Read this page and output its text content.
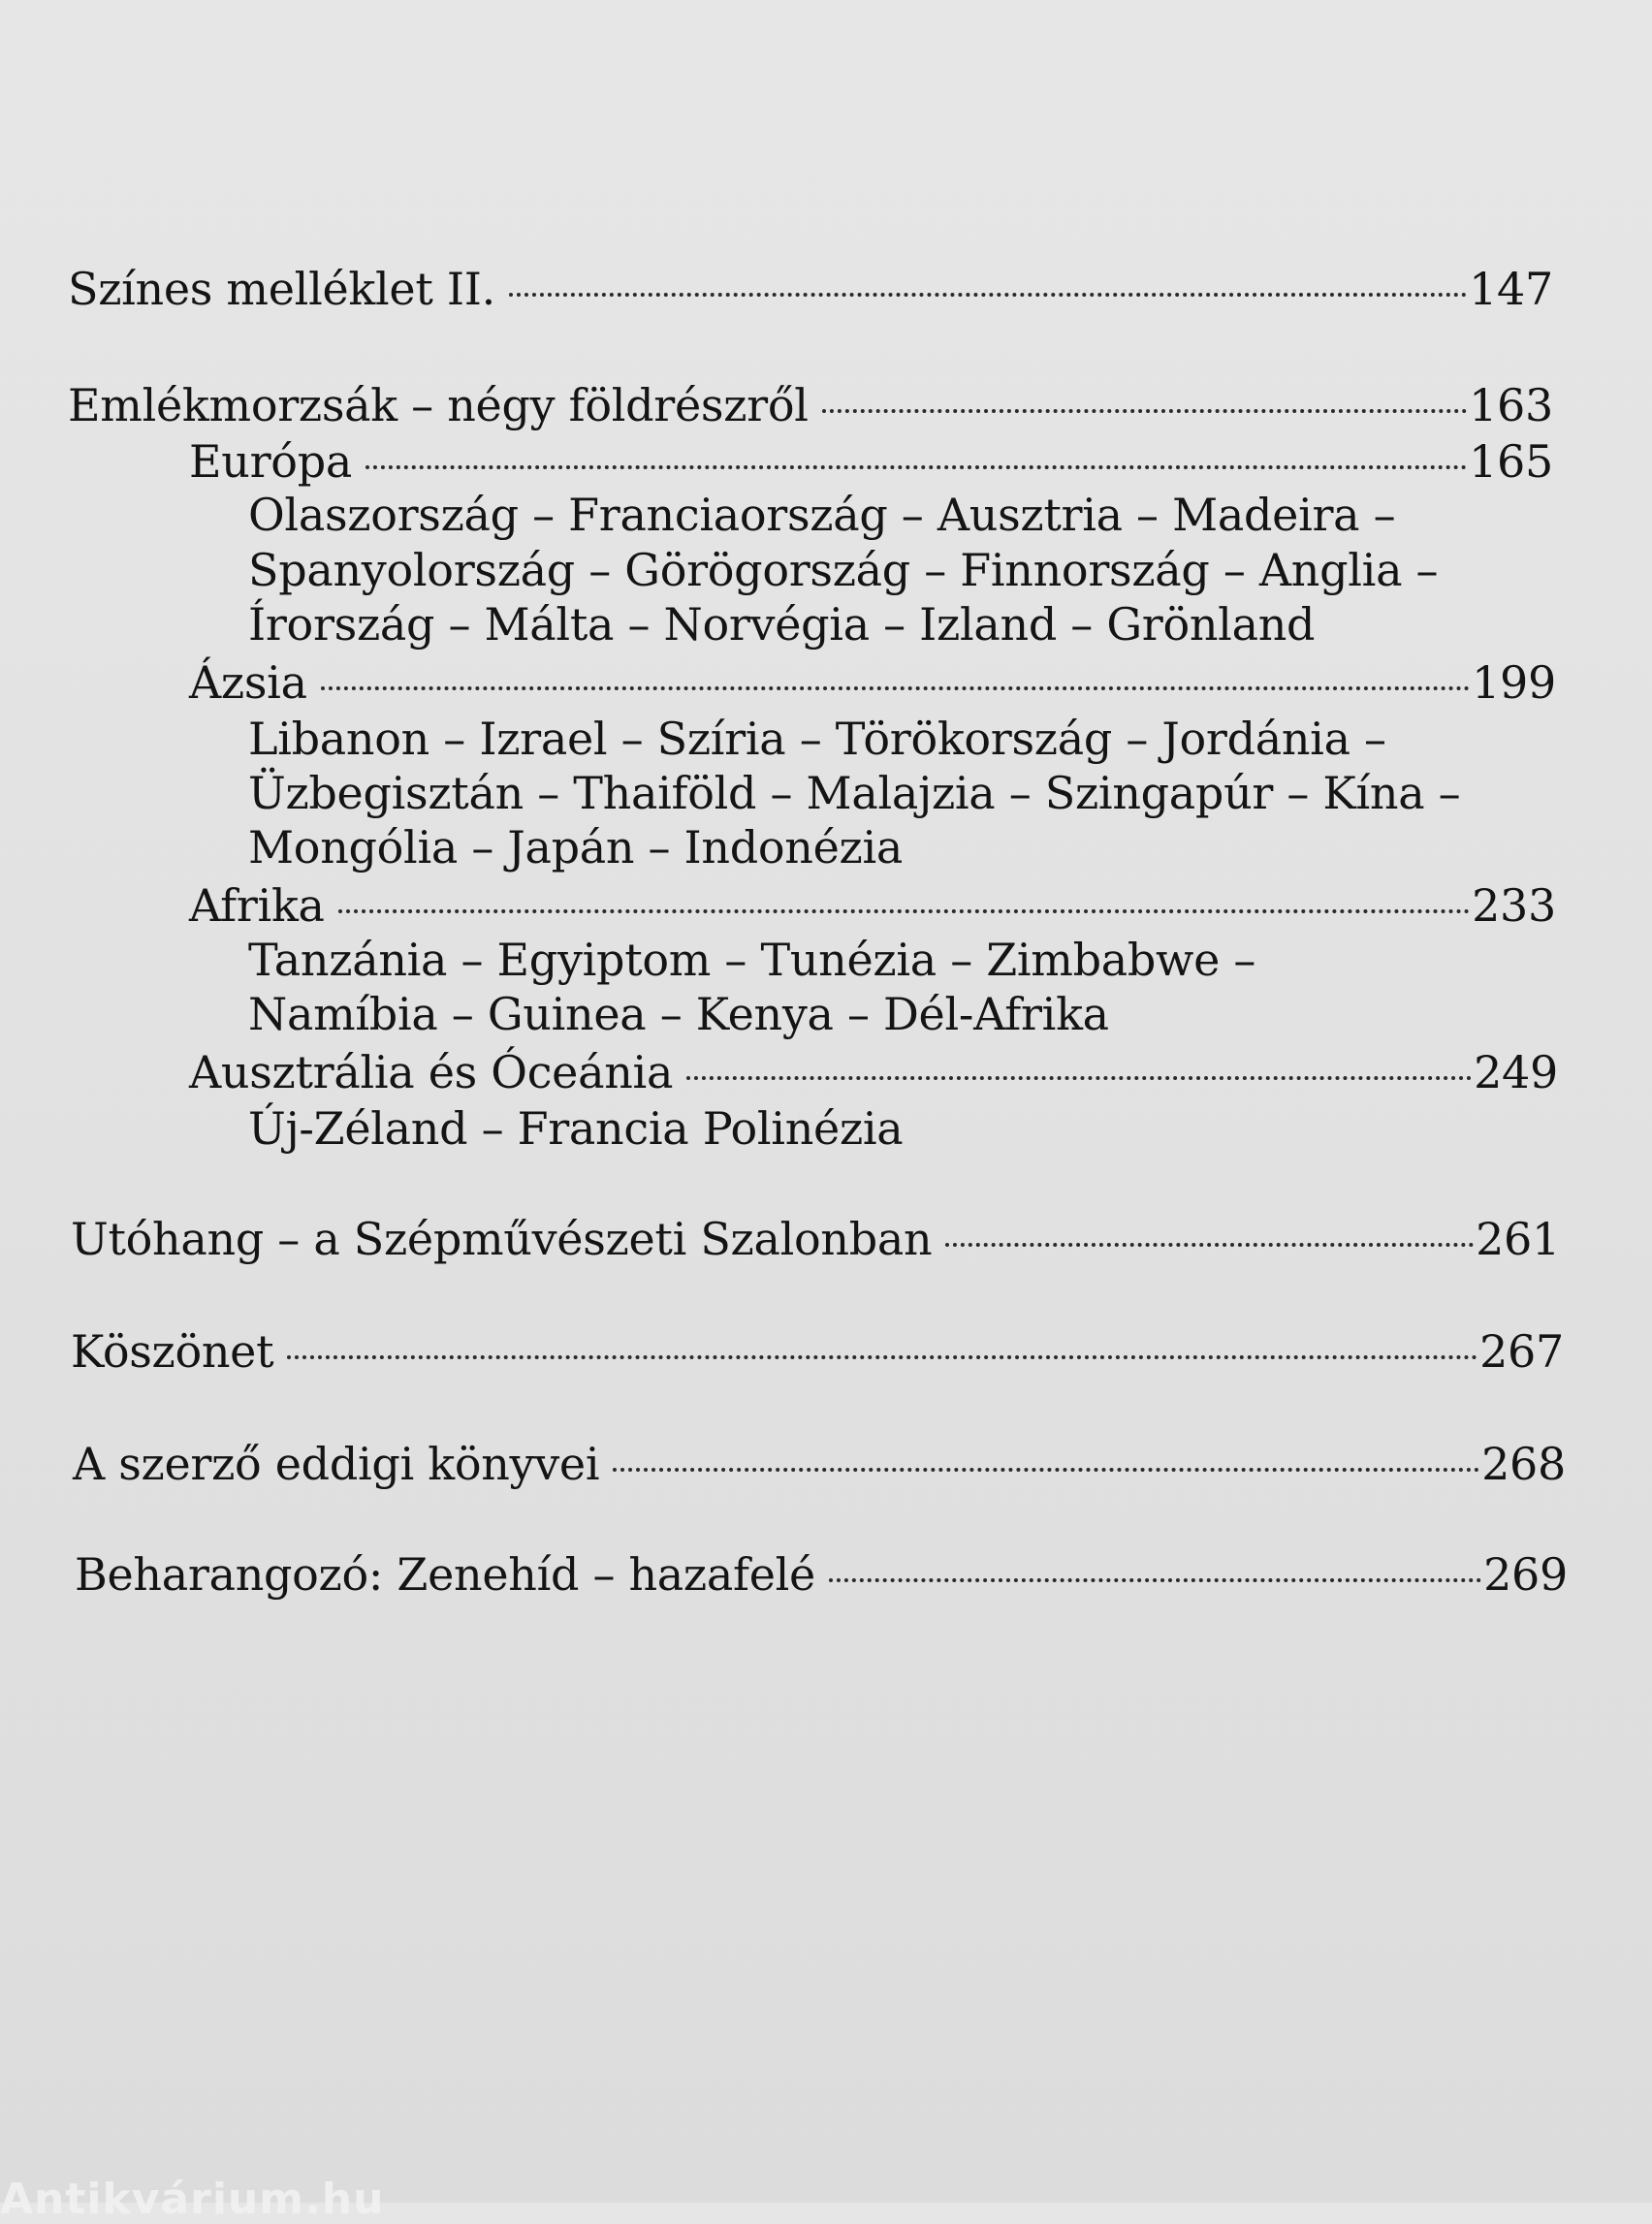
Színes melléklet II.	147
Emlékmorzsák – négy földrészről	163
Európa	165
Olaszország – Franciaország – Ausztria – Madeira –
Spanyolország – Görögország – Finnország – Anglia –
Írország – Málta – Norvégia – Izland – Grönland
Ázsia	199
Libanon – Izrael – Szíria – Törökország – Jordánia –
Üzbegisztán – Thaiföld – Malajzia – Szingapúr – Kína –
Mongólia – Japán – Indonézia
Afrika	233
Tanzánia – Egyiptom – Tunézia – Zimbabwe –
Namíbia – Guinea – Kenya – Dél-Afrika
Ausztrália és Óceánia	249
Új-Zéland – Francia Polinézia
Utóhang – a Szépművészeti Szalonban	261
Köszönet	267
A szerző eddigi könyvei	268
Beharangozó: Zenehíd – hazafelé	269
Antikvárium.hu
